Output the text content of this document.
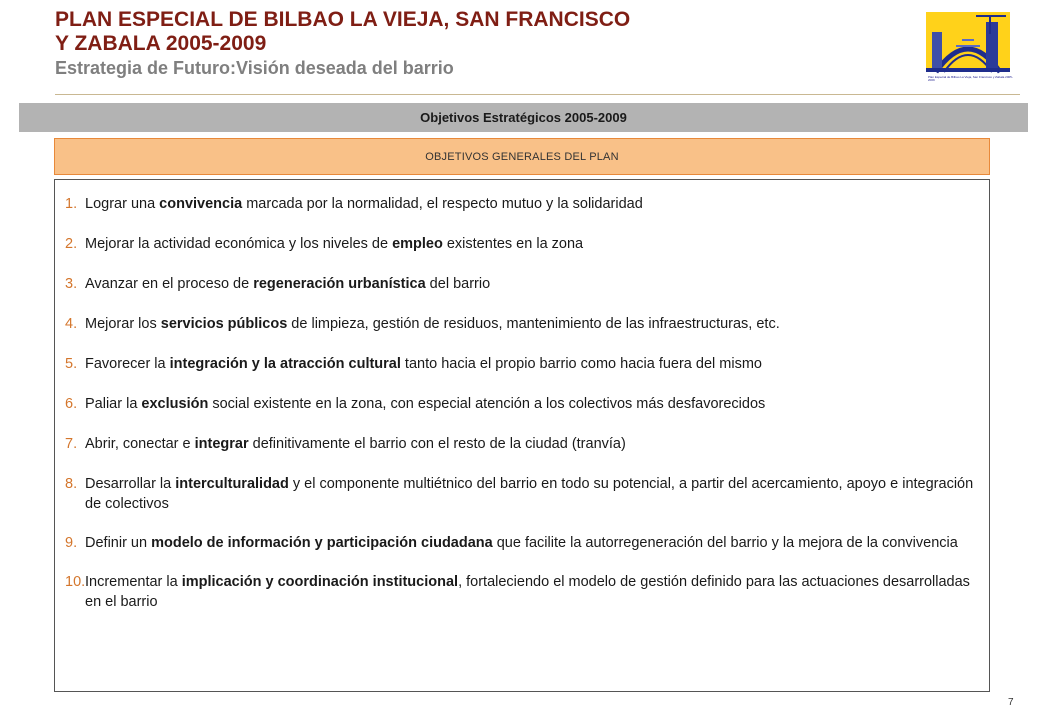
PLAN ESPECIAL DE BILBAO LA VIEJA, SAN FRANCISCO
Y ZABALA 2005-2009
Estrategia de Futuro:Visión deseada del barrio	Plan Especial de Bilbao La Vieja, San Francisco y Zabala 2005-2009
Objetivos Estratégicos 2005-2009
OBJETIVOS GENERALES DEL PLAN
1. Lograr una convivencia marcada por la normalidad, el respecto mutuo y la solidaridad
2. Mejorar la actividad económica y los niveles de empleo existentes en la zona
3. Avanzar en el proceso de regeneración urbanística del barrio
4. Mejorar los servicios públicos de limpieza, gestión de residuos, mantenimiento de las infraestructuras, etc.
5. Favorecer la integración y la atracción cultural tanto hacia el propio barrio como hacia fuera del mismo
6. Paliar la exclusión social existente en la zona, con especial atención a los colectivos más desfavorecidos
7. Abrir, conectar e integrar definitivamente el barrio con el resto de la ciudad (tranvía)
8. Desarrollar la interculturalidad y el componente multiétnico del barrio en todo su potencial, a partir del acercamiento, apoyo e integración de colectivos
9. Definir un modelo de información y participación ciudadana que facilite la autorregeneración del barrio y la mejora de la convivencia
10. Incrementar la implicación y coordinación institucional, fortaleciendo el modelo de gestión definido para las actuaciones desarrolladas en el barrio
7
